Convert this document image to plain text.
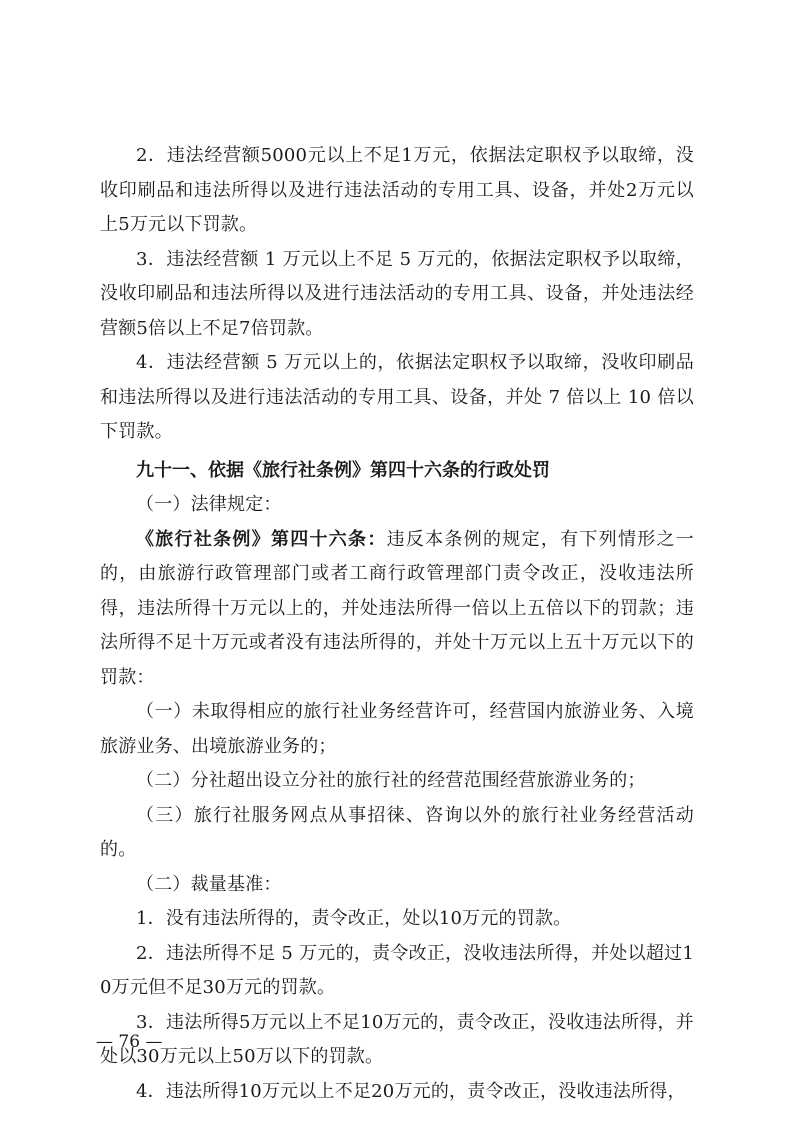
2．违法经营额5000元以上不足1万元，依据法定职权予以取缔，没收印刷品和违法所得以及进行违法活动的专用工具、设备，并处2万元以上5万元以下罚款。

3．违法经营额 1 万元以上不足 5 万元的，依据法定职权予以取缔，没收印刷品和违法所得以及进行违法活动的专用工具、设备，并处违法经营额5倍以上不足7倍罚款。

4．违法经营额 5 万元以上的，依据法定职权予以取缔，没收印刷品和违法所得以及进行违法活动的专用工具、设备，并处 7 倍以上 10 倍以下罚款。

九十一、依据《旅行社条例》第四十六条的行政处罚

（一）法律规定：

《旅行社条例》第四十六条：违反本条例的规定，有下列情形之一的，由旅游行政管理部门或者工商行政管理部门责令改正，没收违法所得，违法所得十万元以上的，并处违法所得一倍以上五倍以下的罚款；违法所得不足十万元或者没有违法所得的，并处十万元以上五十万元以下的罚款：

（一）未取得相应的旅行社业务经营许可，经营国内旅游业务、入境旅游业务、出境旅游业务的；

（二）分社超出设立分社的旅行社的经营范围经营旅游业务的；

（三）旅行社服务网点从事招徕、咨询以外的旅行社业务经营活动的。

（二）裁量基准：

1．没有违法所得的，责令改正，处以10万元的罚款。

2．违法所得不足 5 万元的，责令改正，没收违法所得，并处以超过10万元但不足30万元的罚款。

3．违法所得5万元以上不足10万元的，责令改正，没收违法所得，并处以30万元以上50万以下的罚款。

4．违法所得10万元以上不足20万元的，责令改正，没收违法所得，

— 76 —
